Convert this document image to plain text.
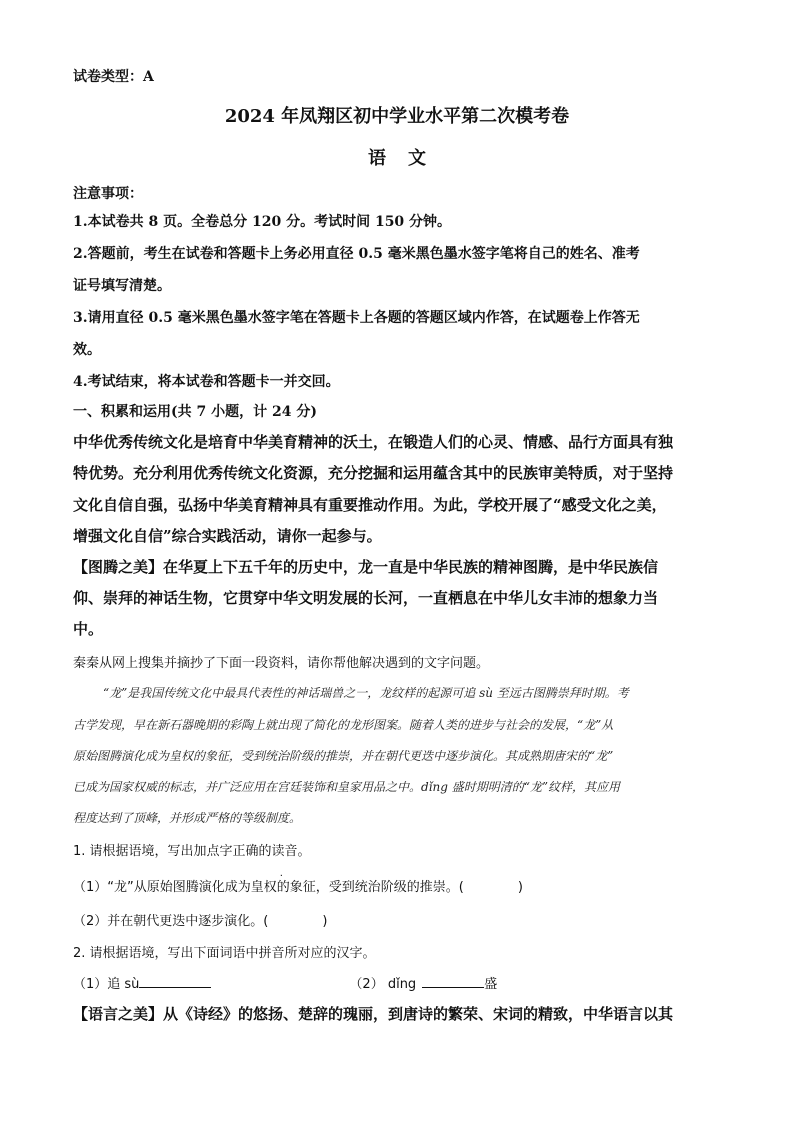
试卷类型：A
2024 年凤翔区初中学业水平第二次模考卷
语文
注意事项：
1.本试卷共 8 页。全卷总分 120 分。考试时间 150 分钟。
2.答题前，考生在试卷和答题卡上务必用直径 0.5 毫米黑色墨水签字笔将自己的姓名、准考
证号填写清楚。
3.请用直径 0.5 毫米黑色墨水签字笔在答题卡上各题的答题区域内作答，在试题卷上作答无
效。
4.考试结束，将本试卷和答题卡一并交回。
一、积累和运用(共 7 小题，计 24 分)
中华优秀传统文化是培育中华美育精神的沃土，在锻造人们的心灵、情感、品行方面具有独
特优势。充分利用优秀传统文化资源，充分挖掘和运用蕴含其中的民族审美特质，对于坚持
文化自信自强，弘扬中华美育精神具有重要推动作用。为此，学校开展了“感受文化之美，
增强文化自信”综合实践活动，请你一起参与。
【图腾之美】在华夏上下五千年的历史中，龙一直是中华民族的精神图腾，是中华民族信
仰、崇拜的神话生物，它贯穿中华文明发展的长河，一直栖息在中华儿女丰沛的想象力当
中。
秦秦从网上搜集并摘抄了下面一段资料，请你帮他解决遇到的文字问题。
“龙”是我国传统文化中最具代表性的神话瑞兽之一，龙纹样的起源可追 sù 至远古图腾崇拜时期。考
古学发现，早在新石器晚期的彩陶上就出现了简化的龙形图案。随着人类的进步与社会的发展，“龙”从
原始图腾演化成为皇权的象征，受到统治阶级的推崇，并在朝代更迭中逐步演化。其成熟期唐宋的“龙”
已成为国家权威的标志，并广泛应用在宫廷装饰和皇家用品之中。dǐng 盛时期明清的“龙”纹样，其应用
程度达到了顶峰，并形成严格的等级制度。
1. 请根据语境，写出加点字正确的读音。
（1）“龙”从原始图腾演化成为皇权
·
的象征，受到统治阶级的推崇。(	)
（2）并在朝代更迭中逐步演化。(	)
2. 请根据语境，写出下面词语中拼音所对应的汉字。
（1）追 sù	（2） dǐng	盛
【语言之美】从《诗经》的悠扬、楚辞的瑰丽，到唐诗的繁荣、宋词的精致，中华语言以其
